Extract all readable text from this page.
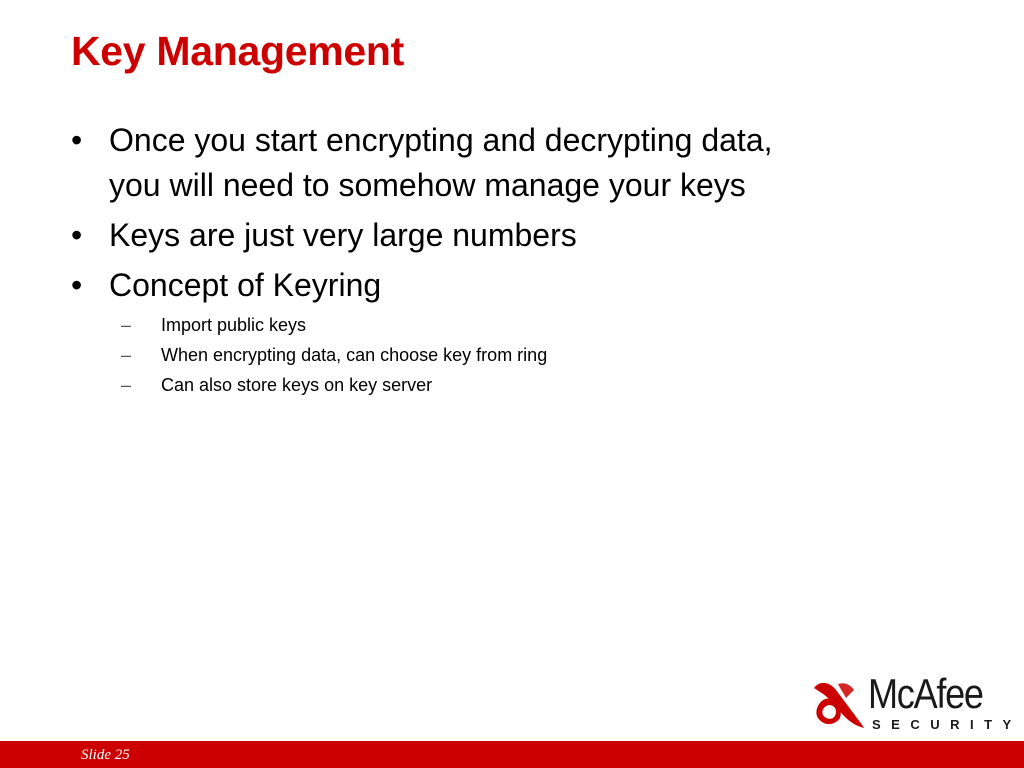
Key Management
• Once you start encrypting and decrypting data,
you will need to somehow manage your keys
• Keys are just very large numbers
• Concept of Keyring
– Import public keys
– When encrypting data, can choose key from ring
– Can also store keys on key server
McAfee
SECURITY
Slide 25
